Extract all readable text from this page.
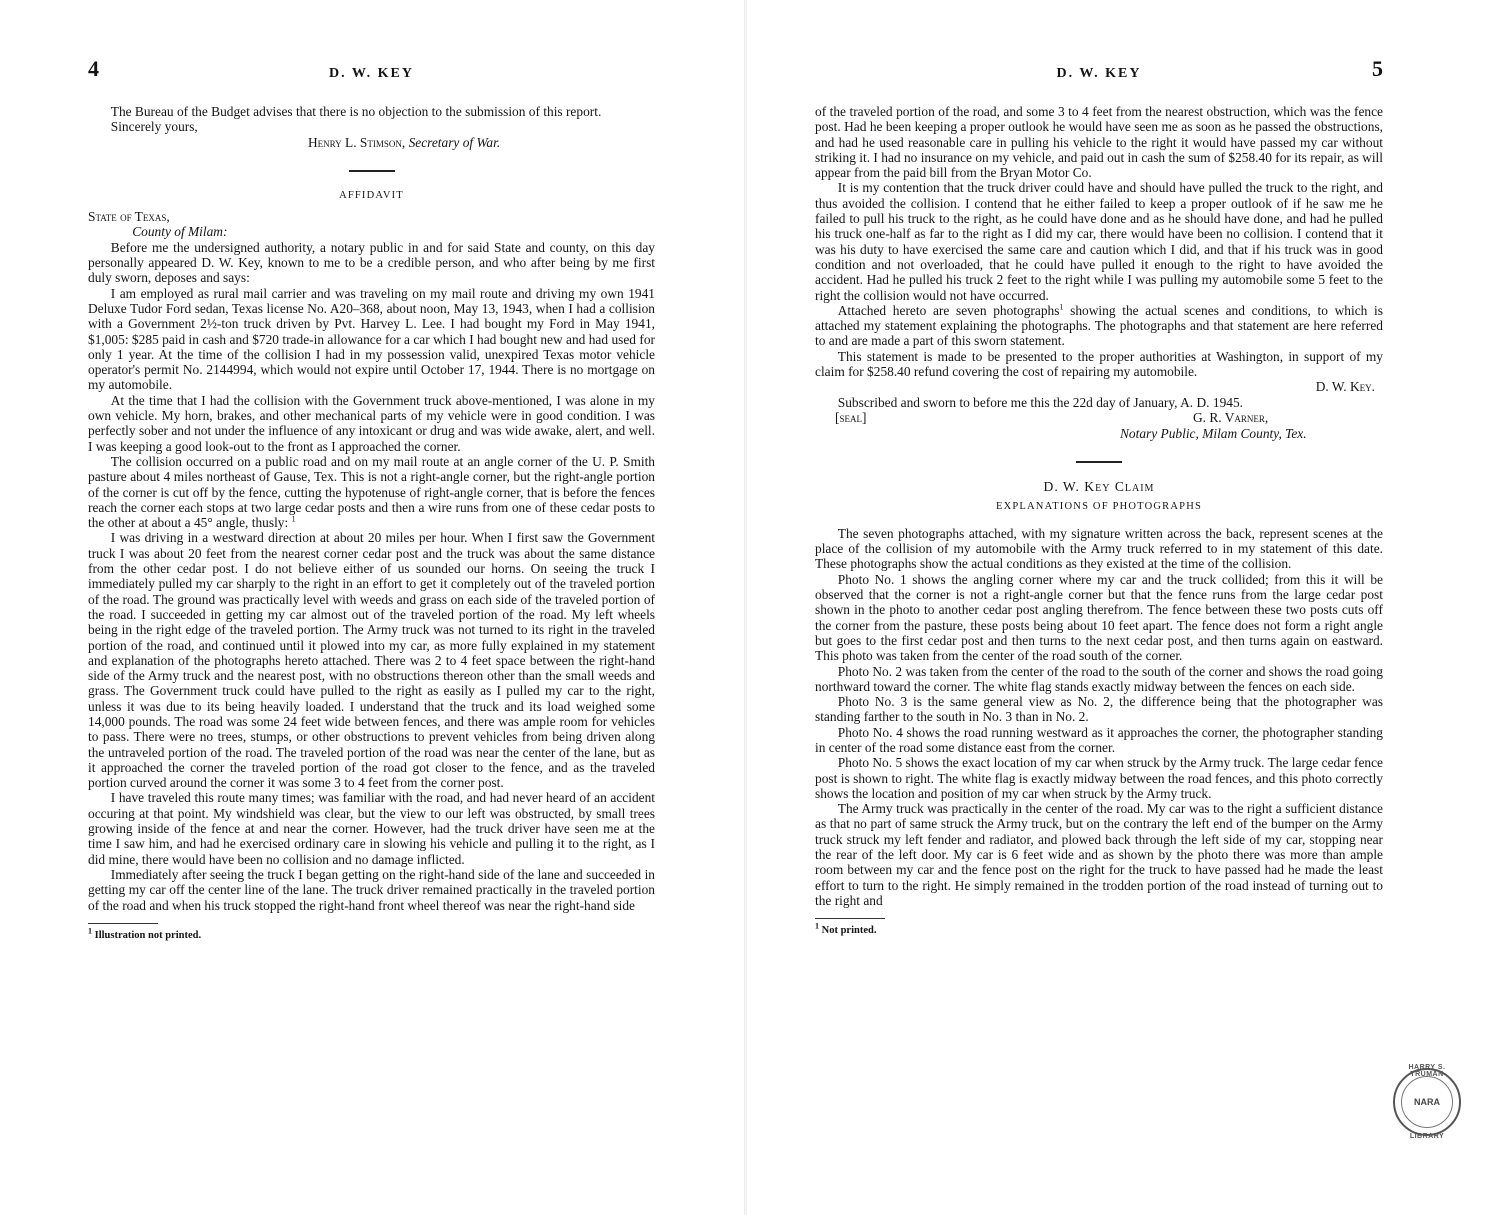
4	D. W. KEY

The Bureau of the Budget advises that there is no objection to the submission of this report.

Sincerely yours,

Henry L. Stimson, Secretary of War.

AFFIDAVIT

State of Texas,

County of Milam:

Before me the undersigned authority, a notary public in and for said State and county, on this day personally appeared D. W. Key, known to me to be a credible person, and who after being by me first duly sworn, deposes and says:

I am employed as rural mail carrier and was traveling on my mail route and driving my own 1941 Deluxe Tudor Ford sedan, Texas license No. A20–368, about noon, May 13, 1943, when I had a collision with a Government 2½-ton truck driven by Pvt. Harvey L. Lee. I had bought my Ford in May 1941, $1,005: $285 paid in cash and $720 trade-in allowance for a car which I had bought new and had used for only 1 year. At the time of the collision I had in my possession valid, unexpired Texas motor vehicle operator's permit No. 2144994, which would not expire until October 17, 1944. There is no mortgage on my automobile.

At the time that I had the collision with the Government truck above-mentioned, I was alone in my own vehicle. My horn, brakes, and other mechanical parts of my vehicle were in good condition. I was perfectly sober and not under the influence of any intoxicant or drug and was wide awake, alert, and well. I was keeping a good look-out to the front as I approached the corner.

The collision occurred on a public road and on my mail route at an angle corner of the U. P. Smith pasture about 4 miles northeast of Gause, Tex. This is not a right-angle corner, but the right-angle portion of the corner is cut off by the fence, cutting the hypotenuse of right-angle corner, that is before the fences reach the corner each stops at two large cedar posts and then a wire runs from one of these cedar posts to the other at about a 45° angle, thusly: $^1$

I was driving in a westward direction at about 20 miles per hour. When I first saw the Government truck I was about 20 feet from the nearest corner cedar post and the truck was about the same distance from the other cedar post. I do not believe either of us sounded our horns. On seeing the truck I immediately pulled my car sharply to the right in an effort to get it completely out of the traveled portion of the road. The ground was practically level with weeds and grass on each side of the traveled portion of the road. I succeeded in getting my car almost out of the traveled portion of the road. My left wheels being in the right edge of the traveled portion. The Army truck was not turned to its right in the traveled portion of the road, and continued until it plowed into my car, as more fully explained in my statement and explanation of the photographs hereto attached. There was 2 to 4 feet space between the right-hand side of the Army truck and the nearest post, with no obstructions thereon other than the small weeds and grass. The Government truck could have pulled to the right as easily as I pulled my car to the right, unless it was due to its being heavily loaded. I understand that the truck and its load weighed some 14,000 pounds. The road was some 24 feet wide between fences, and there was ample room for vehicles to pass. There were no trees, stumps, or other obstructions to prevent vehicles from being driven along the untraveled portion of the road. The traveled portion of the road was near the center of the lane, but as it approached the corner the traveled portion of the road got closer to the fence, and as the traveled portion curved around the corner it was some 3 to 4 feet from the corner post.

I have traveled this route many times; was familiar with the road, and had never heard of an accident occuring at that point. My windshield was clear, but the view to our left was obstructed, by small trees growing inside of the fence at and near the corner. However, had the truck driver have seen me at the time I saw him, and had he exercised ordinary care in slowing his vehicle and pulling it to the right, as I did mine, there would have been no collision and no damage inflicted.

Immediately after seeing the truck I began getting on the right-hand side of the lane and succeeded in getting my car off the center line of the lane. The truck driver remained practically in the traveled portion of the road and when his truck stopped the right-hand front wheel thereof was near the right-hand side

$^1$ Illustration not printed.
5
D. W. KEY

of the traveled portion of the road, and some 3 to 4 feet from the nearest obstruction, which was the fence post. Had he been keeping a proper outlook he would have seen me as soon as he passed the obstructions, and had he used reasonable care in pulling his vehicle to the right it would have passed my car without striking it. I had no insurance on my vehicle, and paid out in cash the sum of $258.40 for its repair, as will appear from the paid bill from the Bryan Motor Co.

It is my contention that the truck driver could have and should have pulled the truck to the right, and thus avoided the collision. I contend that he either failed to keep a proper outlook of if he saw me he failed to pull his truck to the right, as he could have done and as he should have done, and had he pulled his truck one-half as far to the right as I did my car, there would have been no collision. I contend that it was his duty to have exercised the same care and caution which I did, and that if his truck was in good condition and not overloaded, that he could have pulled it enough to the right to have avoided the accident. Had he pulled his truck 2 feet to the right while I was pulling my automobile some 5 feet to the right the collision would not have occurred.

Attached hereto are seven photographs$^1$ showing the actual scenes and conditions, to which is attached my statement explaining the photographs. The photographs and that statement are here referred to and are made a part of this sworn statement.

This statement is made to be presented to the proper authorities at Washington, in support of my claim for $258.40 refund covering the cost of repairing my automobile.

D. W. Key.

Subscribed and sworn to before me this the 22d day of January, A. D. 1945.

[seal]	G. R. Varner,

Notary Public, Milam County, Tex.

D. W. Key Claim
EXPLANATIONS OF PHOTOGRAPHS

The seven photographs attached, with my signature written across the back, represent scenes at the place of the collision of my automobile with the Army truck referred to in my statement of this date. These photographs show the actual conditions as they existed at the time of the collision.

Photo No. 1 shows the angling corner where my car and the truck collided; from this it will be observed that the corner is not a right-angle corner but that the fence runs from the large cedar post shown in the photo to another cedar post angling therefrom. The fence between these two posts cuts off the corner from the pasture, these posts being about 10 feet apart. The fence does not form a right angle but goes to the first cedar post and then turns to the next cedar post, and then turns again on eastward. This photo was taken from the center of the road south of the corner.

Photo No. 2 was taken from the center of the road to the south of the corner and shows the road going northward toward the corner. The white flag stands exactly midway between the fences on each side.

Photo No. 3 is the same general view as No. 2, the difference being that the photographer was standing farther to the south in No. 3 than in No. 2.

Photo No. 4 shows the road running westward as it approaches the corner, the photographer standing in center of the road some distance east from the corner.

Photo No. 5 shows the exact location of my car when struck by the Army truck. The large cedar fence post is shown to right. The white flag is exactly midway between the road fences, and this photo correctly shows the location and position of my car when struck by the Army truck.

The Army truck was practically in the center of the road. My car was to the right a sufficient distance as that no part of same struck the Army truck, but on the contrary the left end of the bumper on the Army truck struck my left fender and radiator, and plowed back through the left side of my car, stopping near the rear of the left door. My car is 6 feet wide and as shown by the photo there was more than ample room between my car and the fence post on the right for the truck to have passed had he made the least effort to turn to the right. He simply remained in the trodden portion of the road instead of turning out to the right and

$^1$ Not printed.
HARRY S. TRUMAN
NARA
LIBRARY
